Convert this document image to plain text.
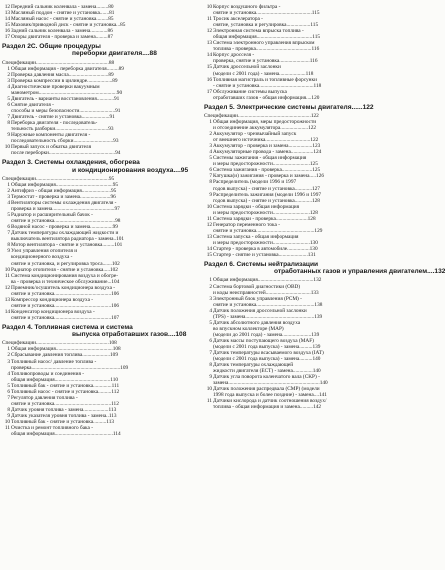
12Передний сальник коленвала - замена.........80
13Масляный поддон - снятие и установка.......81
14Масляный насос - снятие и установка.........85
15Маховик/приводной диск - снятие и установка...85
16Задний сальник коленвала - замена.............86
17Опоры двигателя - проверка и замена.........87
Раздел 2С. Общие процедуры
переборки двигателя....88
Спецификации.......................................................88
1Общая информация - переборка двигателя.........89
2Проверка давления масла..............................89
3Проверка компрессии в цилиндре...................89
4Диагностические проверки вакуумным
манометром...........................................................90
5Двигатель - варианты восстановления.............91
6Снятие двигателя -
способы и меры безопасности...........................91
7Двигатель - снятие и установка.....................91
8Переборка двигателя - последователь-
тельность разборки........................................93
9Наружные компоненты двигателя -
последовательность сборки..............................93
10Первый запуск и обкатка двигателя
после переборки..................................................94
Раздел 3. Системы охлаждения, обогрева
и кондиционирования воздуха....95
Спецификации.......................................................95
1Общая информация...........................................95
2Антифриз - общая информация......................95
3Термостат - проверка и замена.......................96
4Вентиляторы системы охлаждения двигателя -
проверка и замена...............................................97
5Радиатор и расширительный бачок -
снятие и установка..............................................98
6Водяной насос - проверка и замена.................99
7Датчик температуры охлаждающей жидкости и
выключатель вентилятора радиатора - замена..101
8Мотор вентилятора - снятие и установка.........101
9Узел управления отопителя и
кондиционерного воздуха -
снятие и установка, и регулировка троса.......102
10Радиатор отопителя - снятие и установка.....102
11Система кондиционирования воздуха и обогре-
ва - проверка и техническое обслуживание...104
12Приемник/осушитель кондиционера воздуха -
снятие и установка...........................................106
13Компрессор кондиционера воздуха -
снятие и установка...........................................106
14Конденсатор кондиционера воздуха -
снятие и установка...........................................107
Раздел 4. Топливная система и система
выпуска отработавших газов....108
Спецификации.......................................................108
1Общая информация...........................................108
2Сбрасывание давления топлива.....................109
3Топливный насос/ давление топлива -
проверка...................................................................109
4Топливопроводы и соединения -
общая информация..........................................110
5Топливный бак - снятие и установка..............111
6Топливный насос - снятие и установка..........112
7Регулятор давления топлива -
снятие и установка...........................................112
8Датчик уровня топлива - замена...................113
9Датчик указателя уровня топлива - замена..113
10Топливный бак - снятие и установка..........113
11Очистка и ремонт топливного бака -
общая информация............................................114
10Корпус воздушного фильтра -
снятие и установка..........................................115
11Тросик акселератора -
снятие, установка и регулировка..................115
12Электронная система впрыска топлива -
общая информация..........................................115
13Система электронного управления впрыском
топлива - проверка..........................................116
14Корпус дросселя -
проверка, снятие и установка.......................116
15Датчик дроссельной заслонки
(модели с 2001 года) - замена....................118
16Топливная магистраль и топливные форсунки
- снятие и установка.........................................118
17Обслуживание системы выпуска
отработавших газов - общая информация....120
Раздел 5. Электрические системы двигателя......122
Спецификации.......................................................122
1Общая информация, меры предосторожности
и отсоединение аккумулятора.....................122
2Аккумулятор - чрезвычайный запуск
от внешнего источника..................................122
3Аккумулятор - проверка и замена..................123
4Аккумуляторные провода - замена.................124
5Системы зажигания - общая информация
и меры предосторожности............................125
6Система зажигания - проверка.......................125
7Катушка(и) зажигания - проверка и замена.....126
8Распределитель (модели 1996 и 1997
годов выпуска) - снятие и установка.............127
9Распределитель зажигания (модели 1996 и 1997
годов выпуска) - снятие и установка.............128
10Система зарядки - общая информация
и меры предосторожности............................128
11Система зарядки - проверка........................128
12Генератор переменного тока -
снятие и установка............................................129
13Система запуска - общая информация
и меры предосторожности............................130
14Стартер - проверка в автомобиле.................130
15Стартер - снятие и установка......................131
Раздел 6. Системы нейтрализации
отработанных газов и управления двигателем....132
1Общая информация..........................................132
2Система бортовой диагностики (OBD)
и коды неисправностей..................................133
3Электронный блок управления (PCM) -
снятие и установка............................................138
4Датчик положения дроссельной заслонки
(TPS) - замена....................................................139
5Датчик абсолютного давления воздуха
во впускном коллекторе (MAP)
(модели до 2001 года) - замена......................139
6Датчик массы поступающего воздуха (MAF)
(модели с 2001 года выпуска) - замена..........139
7Датчик температуры всасываемого воздуха (IAT)
(модели с 2001 года выпуска) - замена..........140
8Датчик температуры охлаждающей
жидкости двигателя (ECT) - замена...............140
9Датчик угла поворота коленчатого вала (CKP) -
замена.....................................................................140
10Датчик положения распредвала (CMP) (модели
1998 года выпуска и более поздние) - замена....141
11Датчики кислорода и датчик соотношения воздух/
топлива - общая информация и замена..........142
